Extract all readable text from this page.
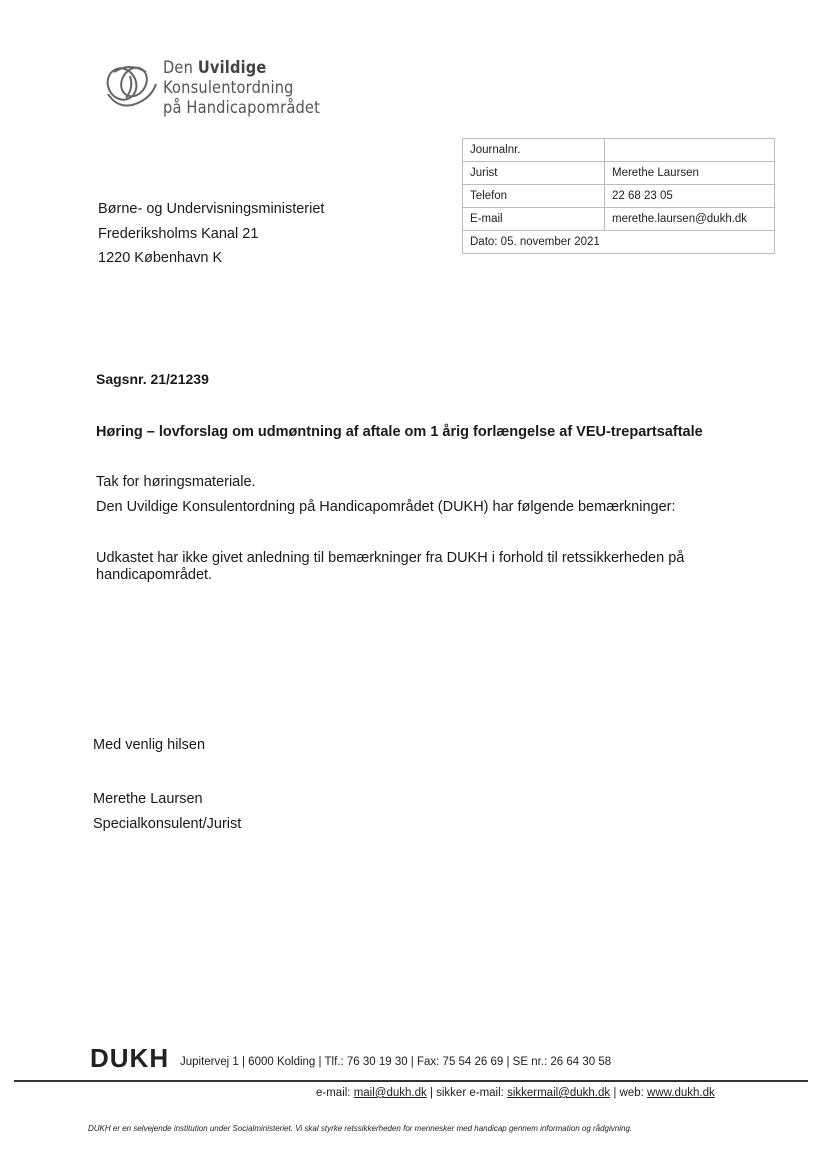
Den Uvildige
Konsulentordning
på Handicapområdet
Journalnr.	
Jurist	Merethe Laursen
Telefon	22 68 23 05
E-mail	merethe.laursen@dukh.dk
Dato: 05. november 2021	
Børne- og Undervisningsministeriet
Frederiksholms Kanal 21
1220 København K
Sagsnr. 21/21239
Høring – lovforslag om udmøntning af aftale om 1 årig forlængelse af VEU-trepartsaftale
Tak for høringsmateriale.
Den Uvildige Konsulentordning på Handicapområdet (DUKH) har følgende bemærkninger:
Udkastet har ikke givet anledning til bemærkninger fra DUKH i forhold til retssikkerheden på handicapområdet.
Med venlig hilsen
Merethe Laursen
Specialkonsulent/Jurist
DUKH Jupitervej 1 | 6000 Kolding | Tlf.: 76 30 19 30 | Fax: 75 54 26 69 | SE nr.: 26 64 30 58
e-mail: mail@dukh.dk | sikker e-mail: sikkermail@dukh.dk | web: www.dukh.dk
DUKH er en selvejende institution under Socialministeriet. Vi skal styrke retssikkerheden for mennesker med handicap gennem information og rådgivning.
